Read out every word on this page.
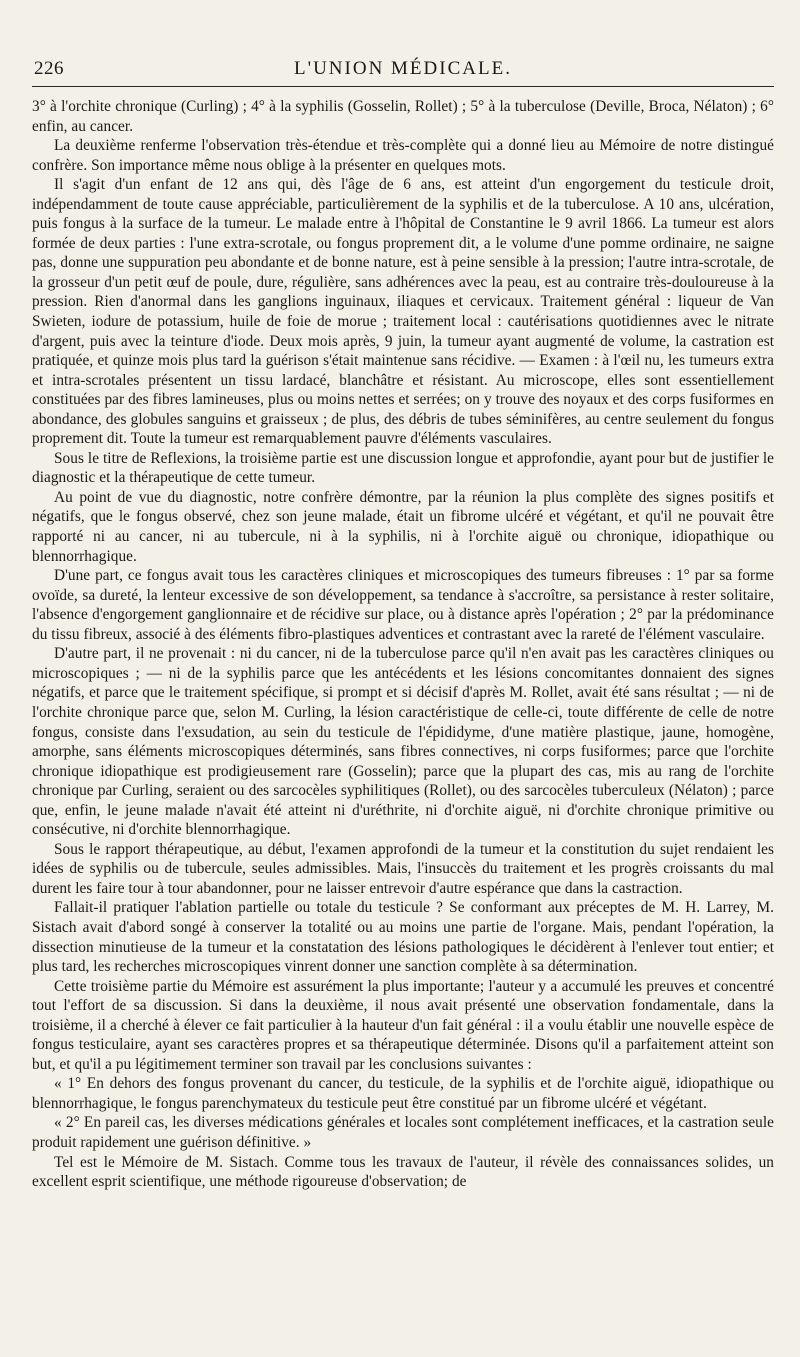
226	L'UNION MÉDICALE.

3° à l'orchite chronique (Curling) ; 4° à la syphilis (Gosselin, Rollet) ; 5° à la tuberculose (Deville, Broca, Nélaton) ; 6° enfin, au cancer.

La deuxième renferme l'observation très-étendue et très-complète qui a donné lieu au Mémoire de notre distingué confrère. Son importance même nous oblige à la présenter en quelques mots.

Il s'agit d'un enfant de 12 ans qui, dès l'âge de 6 ans, est atteint d'un engorgement du testicule droit, indépendamment de toute cause appréciable, particulièrement de la syphilis et de la tuberculose. A 10 ans, ulcération, puis fongus à la surface de la tumeur. Le malade entre à l'hôpital de Constantine le 9 avril 1866. La tumeur est alors formée de deux parties : l'une extra-scrotale, ou fongus proprement dit, a le volume d'une pomme ordinaire, ne saigne pas, donne une suppuration peu abondante et de bonne nature, est à peine sensible à la pression; l'autre intra-scrotale, de la grosseur d'un petit œuf de poule, dure, régulière, sans adhérences avec la peau, est au contraire très-douloureuse à la pression. Rien d'anormal dans les ganglions inguinaux, iliaques et cervicaux. Traitement général : liqueur de Van Swieten, iodure de potassium, huile de foie de morue ; traitement local : cautérisations quotidiennes avec le nitrate d'argent, puis avec la teinture d'iode. Deux mois après, 9 juin, la tumeur ayant augmenté de volume, la castration est pratiquée, et quinze mois plus tard la guérison s'était maintenue sans récidive. — Examen : à l'œil nu, les tumeurs extra et intra-scrotales présentent un tissu lardacé, blanchâtre et résistant. Au microscope, elles sont essentiellement constituées par des fibres lamineuses, plus ou moins nettes et serrées; on y trouve des noyaux et des corps fusiformes en abondance, des globules sanguins et graisseux ; de plus, des débris de tubes séminifères, au centre seulement du fongus proprement dit. Toute la tumeur est remarquablement pauvre d'éléments vasculaires.

Sous le titre de Reflexions, la troisième partie est une discussion longue et approfondie, ayant pour but de justifier le diagnostic et la thérapeutique de cette tumeur.

Au point de vue du diagnostic, notre confrère démontre, par la réunion la plus complète des signes positifs et négatifs, que le fongus observé, chez son jeune malade, était un fibrome ulcéré et végétant, et qu'il ne pouvait être rapporté ni au cancer, ni au tubercule, ni à la syphilis, ni à l'orchite aiguë ou chronique, idiopathique ou blennorrhagique.

D'une part, ce fongus avait tous les caractères cliniques et microscopiques des tumeurs fibreuses : 1° par sa forme ovoïde, sa dureté, la lenteur excessive de son développement, sa tendance à s'accroître, sa persistance à rester solitaire, l'absence d'engorgement ganglionnaire et de récidive sur place, ou à distance après l'opération ; 2° par la prédominance du tissu fibreux, associé à des éléments fibro-plastiques adventices et contrastant avec la rareté de l'élément vasculaire.

D'autre part, il ne provenait : ni du cancer, ni de la tuberculose parce qu'il n'en avait pas les caractères cliniques ou microscopiques ; — ni de la syphilis parce que les antécédents et les lésions concomitantes donnaient des signes négatifs, et parce que le traitement spécifique, si prompt et si décisif d'après M. Rollet, avait été sans résultat ; — ni de l'orchite chronique parce que, selon M. Curling, la lésion caractéristique de celle-ci, toute différente de celle de notre fongus, consiste dans l'exsudation, au sein du testicule de l'épididyme, d'une matière plastique, jaune, homogène, amorphe, sans éléments microscopiques déterminés, sans fibres connectives, ni corps fusiformes; parce que l'orchite chronique idiopathique est prodigieusement rare (Gosselin); parce que la plupart des cas, mis au rang de l'orchite chronique par Curling, seraient ou des sarcocèles syphilitiques (Rollet), ou des sarcocèles tuberculeux (Nélaton) ; parce que, enfin, le jeune malade n'avait été atteint ni d'uréthrite, ni d'orchite aiguë, ni d'orchite chronique primitive ou consécutive, ni d'orchite blennorrhagique.

Sous le rapport thérapeutique, au début, l'examen approfondi de la tumeur et la constitution du sujet rendaient les idées de syphilis ou de tubercule, seules admissibles. Mais, l'insuccès du traitement et les progrès croissants du mal durent les faire tour à tour abandonner, pour ne laisser entrevoir d'autre espérance que dans la castraction.

Fallait-il pratiquer l'ablation partielle ou totale du testicule ? Se conformant aux préceptes de M. H. Larrey, M. Sistach avait d'abord songé à conserver la totalité ou au moins une partie de l'organe. Mais, pendant l'opération, la dissection minutieuse de la tumeur et la constatation des lésions pathologiques le décidèrent à l'enlever tout entier; et plus tard, les recherches microscopiques vinrent donner une sanction complète à sa détermination.

Cette troisième partie du Mémoire est assurément la plus importante; l'auteur y a accumulé les preuves et concentré tout l'effort de sa discussion. Si dans la deuxième, il nous avait présenté une observation fondamentale, dans la troisième, il a cherché à élever ce fait particulier à la hauteur d'un fait général : il a voulu établir une nouvelle espèce de fongus testiculaire, ayant ses caractères propres et sa thérapeutique déterminée. Disons qu'il a parfaitement atteint son but, et qu'il a pu légitimement terminer son travail par les conclusions suivantes :

« 1° En dehors des fongus provenant du cancer, du testicule, de la syphilis et de l'orchite aiguë, idiopathique ou blennorrhagique, le fongus parenchymateux du testicule peut être constitué par un fibrome ulcéré et végétant.

« 2° En pareil cas, les diverses médications générales et locales sont complétement inefficaces, et la castration seule produit rapidement une guérison définitive. »

Tel est le Mémoire de M. Sistach. Comme tous les travaux de l'auteur, il révèle des connaissances solides, un excellent esprit scientifique, une méthode rigoureuse d'observation; de
